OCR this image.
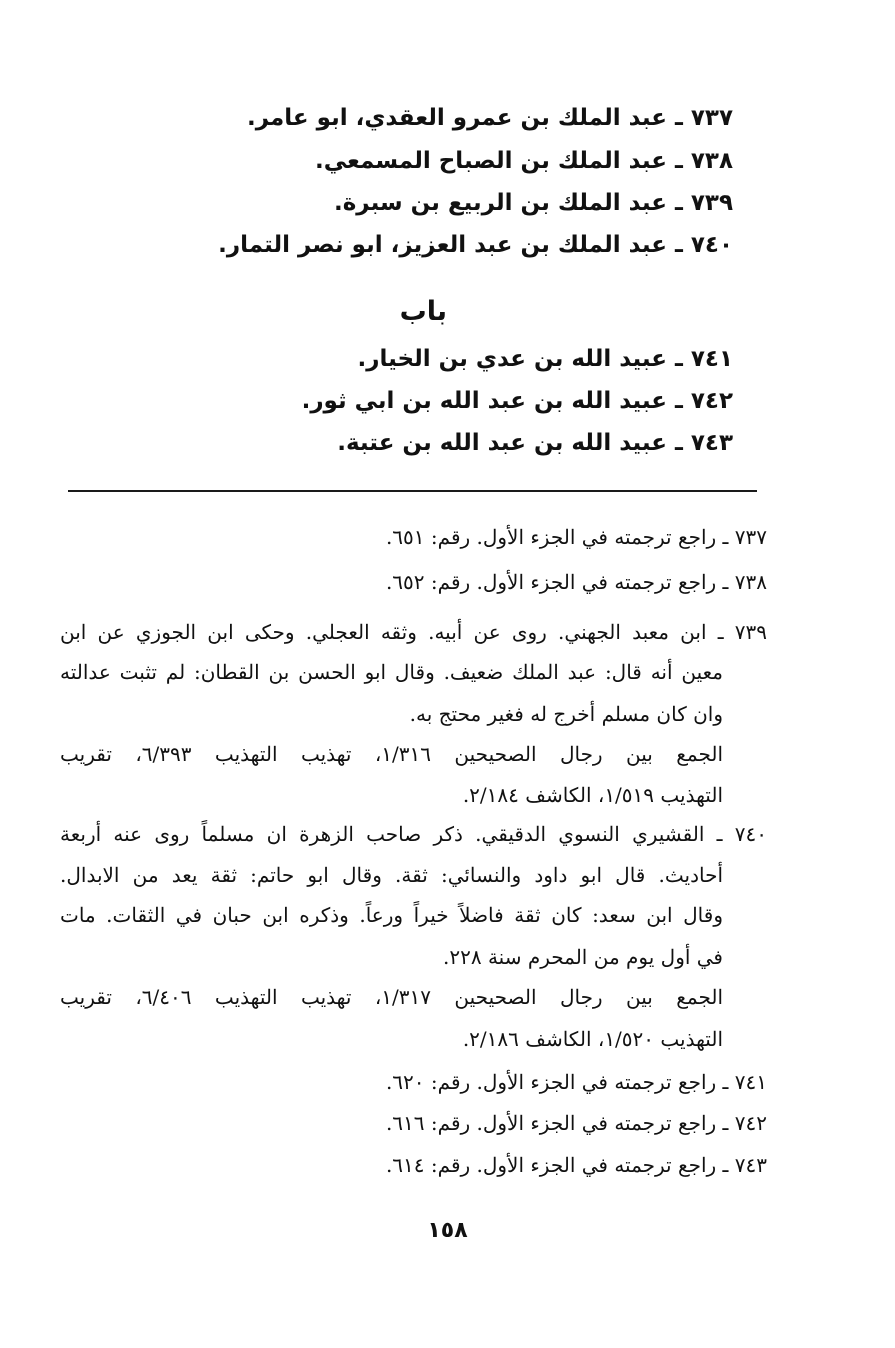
٧٣٧ ـ عبد الملك بن عمرو العقدي، ابو عامر.
٧٣٨ ـ عبد الملك بن الصباح المسمعي.
٧٣٩ ـ عبد الملك بن الربيع بن سبرة.
٧٤٠ ـ عبد الملك بن عبد العزيز، ابو نصر التمار.
باب
٧٤١ ـ عبيد الله بن عدي بن الخيار.
٧٤٢ ـ عبيد الله بن عبد الله بن ابي ثور.
٧٤٣ ـ عبيد الله بن عبد الله بن عتبة.
٧٣٧ ـ راجع ترجمته في الجزء الأول. رقم: ٦٥١.
٧٣٨ ـ راجع ترجمته في الجزء الأول. رقم: ٦٥٢.
٧٣٩ ـ ابن معبد الجهني. روى عن أبيه. وثقه العجلي. وحكى ابن الجوزي عن ابن
معين أنه قال: عبد الملك ضعيف. وقال ابو الحسن بن القطان: لم تثبت عدالته
وان كان مسلم أخرج له فغير محتج به.
الجمع بين رجال الصحيحين ١/٣١٦، تهذيب التهذيب ٦/٣٩٣، تقريب
التهذيب ١/٥١٩، الكاشف ٢/١٨٤.
٧٤٠ ـ القشيري النسوي الدقيقي. ذكر صاحب الزهرة ان مسلماً روى عنه أربعة
أحاديث. قال ابو داود والنسائي: ثقة. وقال ابو حاتم: ثقة يعد من الابدال.
وقال ابن سعد: كان ثقة فاضلاً خيراً ورعاً. وذكره ابن حبان في الثقات. مات
في أول يوم من المحرم سنة ٢٢٨.
الجمع بين رجال الصحيحين ١/٣١٧، تهذيب التهذيب ٦/٤٠٦، تقريب
التهذيب ١/٥٢٠، الكاشف ٢/١٨٦.
٧٤١ ـ راجع ترجمته في الجزء الأول. رقم: ٦٢٠.
٧٤٢ ـ راجع ترجمته في الجزء الأول. رقم: ٦١٦.
٧٤٣ ـ راجع ترجمته في الجزء الأول. رقم: ٦١٤.
١٥٨
